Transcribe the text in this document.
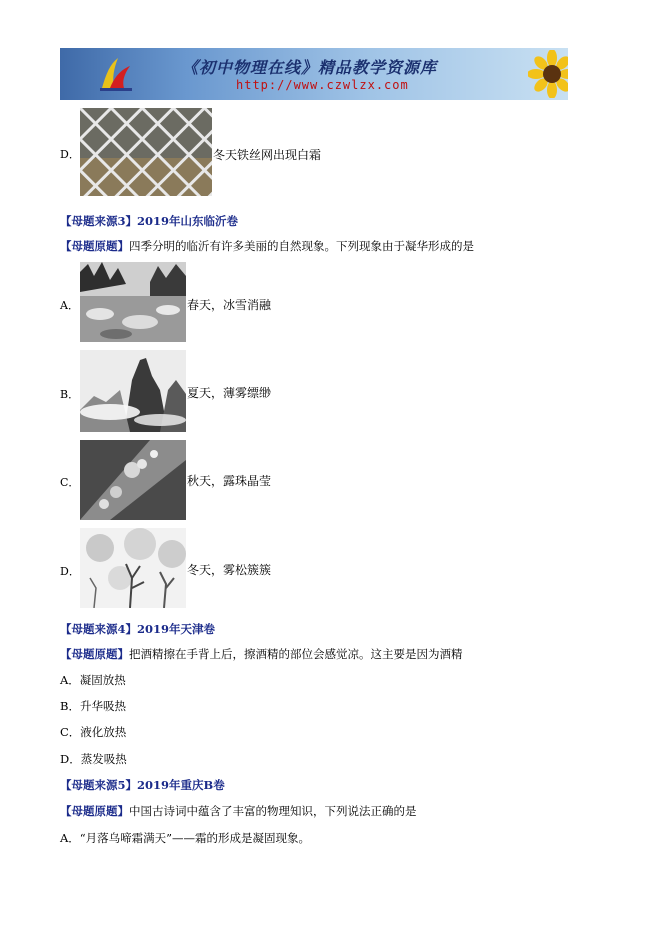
《初中物理在线》精品教学资源库
http://www.czwlzx.com
D．	冬天铁丝网出现白霜
【母题来源3】2019年山东临沂卷
【母题原题】四季分明的临沂有许多美丽的自然现象。下列现象由于凝华形成的是
A．	春天，冰雪消融
B．	夏天，薄雾缥缈
C．	秋天，露珠晶莹
D．	冬天，雾松簇簇
【母题来源4】2019年天津卷
【母题原题】把酒精擦在手背上后，擦酒精的部位会感觉凉。这主要是因为酒精
A．凝固放热
B．升华吸热
C．液化放热
D．蒸发吸热
【母题来源5】2019年重庆B卷
【母题原题】中国古诗词中蕴含了丰富的物理知识，下列说法正确的是
A．“月落乌啼霜满天”——霜的形成是凝固现象。
